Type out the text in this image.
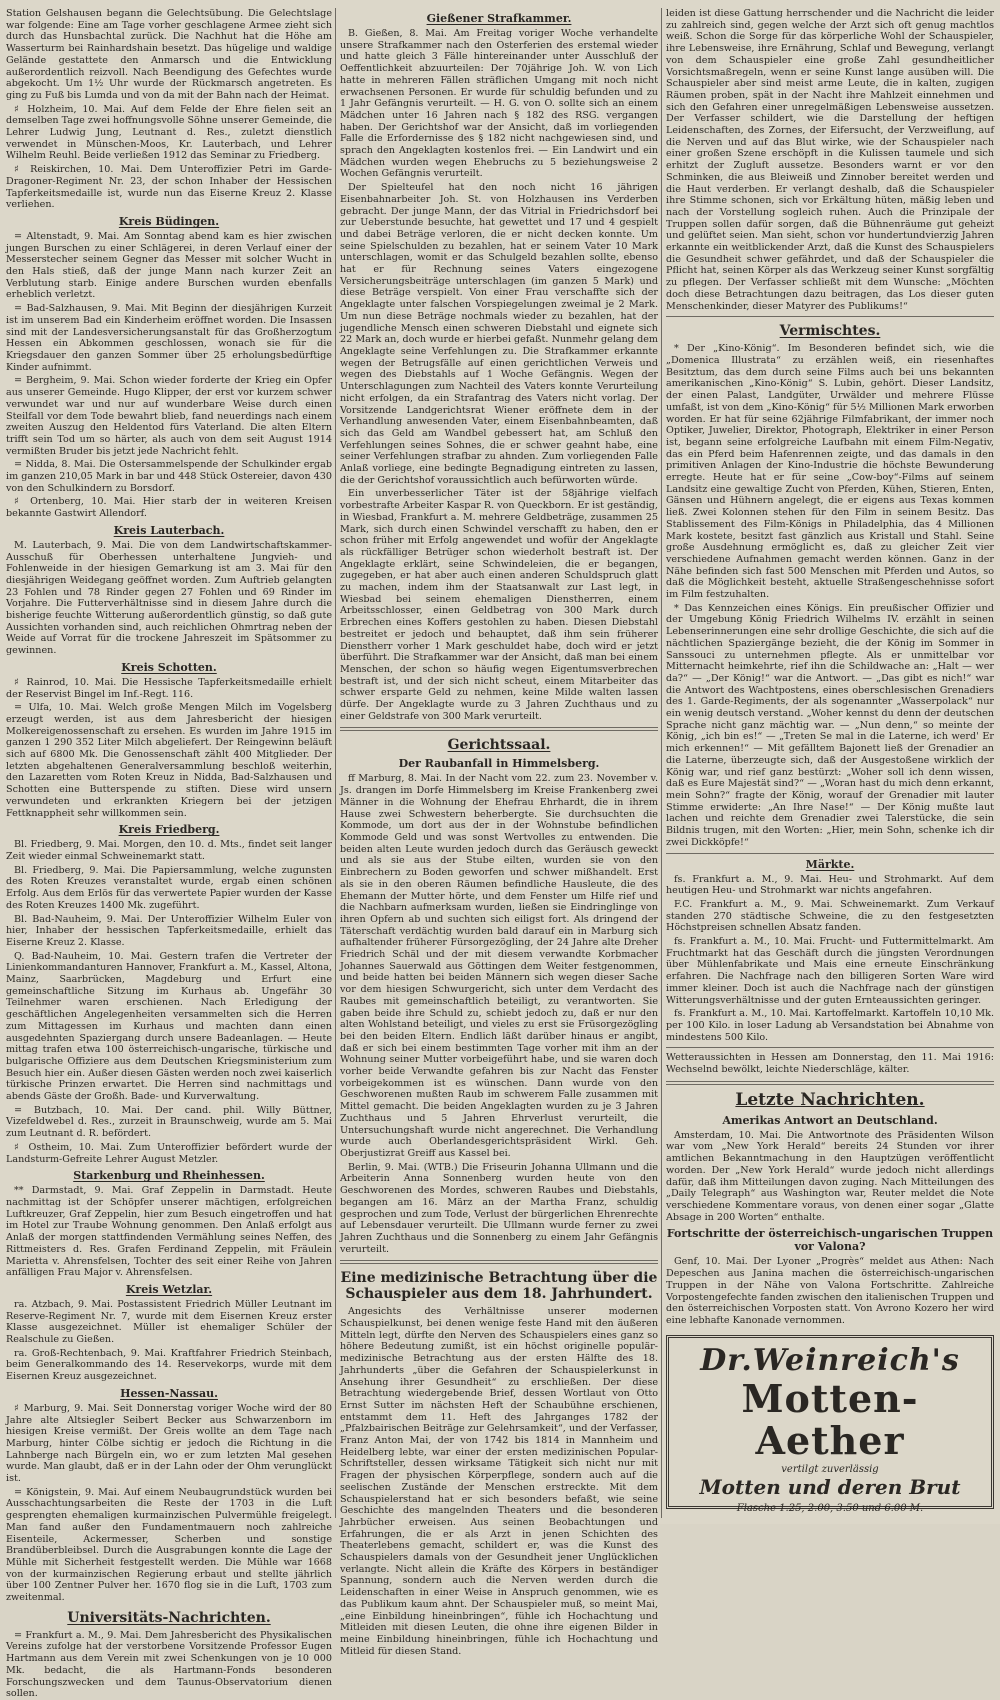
Station Gelshausen begann die Gelechtsübung. Die Gelechtslage war folgende: Eine am Tage vorher geschlagene Armee zieht sich durch das Hunsbachtal zurück. Die Nachhut hat die Höhe am Wasserturm bei Rainhardshain besetzt. Das hügelige und waldige Gelände gestattete den Anmarsch und die Entwicklung außerordentlich reizvoll. Nach Beendigung des Gefechtes wurde abgekocht. Um 1½ Uhr wurde der Rückmarsch angetreten. Es ging zu Fuß bis Lumda und von da mit der Bahn nach der Heimat.

♯ Holzheim, 10. Mai. Auf dem Felde der Ehre fielen seit an demselben Tage zwei hoffnungsvolle Söhne unserer Gemeinde, die Lehrer Ludwig Jung, Leutnant d. Res., zuletzt dienstlich verwendet in Münschen-Moos, Kr. Lauterbach, und Lehrer Wilhelm Reuhl. Beide verließen 1912 das Seminar zu Friedberg.

♯ Reiskirchen, 10. Mai. Dem Unteroffizier Petri im Garde-Dragoner-Regiment Nr. 23, der schon Inhaber der Hessischen Tapferkeitsmedaille ist, wurde nun das Eiserne Kreuz 2. Klasse verliehen.

Kreis Büdingen.

= Altenstadt, 9. Mai. Am Sonntag abend kam es hier zwischen jungen Burschen zu einer Schlägerei, in deren Verlauf einer der Messerstecher seinem Gegner das Messer mit solcher Wucht in den Hals stieß, daß der junge Mann nach kurzer Zeit an Verblutung starb. Einige andere Burschen wurden ebenfalls erheblich verletzt.

= Bad-Salzhausen, 9. Mai. Mit Beginn der diesjährigen Kurzeit ist im unserem Bad ein Kinderheim eröffnet worden. Die Insassen sind mit der Landesversicherungsanstalt für das Großherzogtum Hessen ein Abkommen geschlossen, wonach sie für die Kriegsdauer den ganzen Sommer über 25 erholungsbedürftige Kinder aufnimmt.

= Bergheim, 9. Mai. Schon wieder forderte der Krieg ein Opfer aus unserer Gemeinde. Hugo Klipper, der erst vor kurzem schwer verwundet war und nur auf wunderbare Weise durch einen Steilfall vor dem Tode bewahrt blieb, fand neuerdings nach einem zweiten Auszug den Heldentod fürs Vaterland. Die alten Eltern trifft sein Tod um so härter, als auch von dem seit August 1914 vermißten Bruder bis jetzt jede Nachricht fehlt.

= Nidda, 8. Mai. Die Ostersammelspende der Schulkinder ergab im ganzen 210,05 Mark in bar und 448 Stück Ostereier, davon 430 von den Schulkindern zu Borsdorf.

♯ Ortenberg, 10. Mai. Hier starb der in weiteren Kreisen bekannte Gastwirt Allendorf.

Kreis Lauterbach.

M. Lauterbach, 9. Mai. Die von dem Landwirtschaftskammer-Ausschuß für Oberhessen unterhaltene Jungvieh- und Fohlenweide in der hiesigen Gemarkung ist am 3. Mai für den diesjährigen Weidegang geöffnet worden. Zum Auftrieb gelangten 23 Fohlen und 78 Rinder gegen 27 Fohlen und 69 Rinder im Vorjahre. Die Futterverhältnisse sind in diesem Jahre durch die bisherige feuchte Witterung außerordentlich günstig, so daß gute Aussichten vorhanden sind, auch reichlichen Ohmrtrag neben der Weide auf Vorrat für die trockene Jahreszeit im Spätsommer zu gewinnen.

Kreis Schotten.

♯ Rainrod, 10. Mai. Die Hessische Tapferkeitsmedaille erhielt der Reservist Bingel im Inf.-Regt. 116.

= Ulfa, 10. Mai. Welch große Mengen Milch im Vogelsberg erzeugt werden, ist aus dem Jahresbericht der hiesigen Molkereigenossenschaft zu ersehen. Es wurden im Jahre 1915 im ganzen 1 290 352 Liter Milch abgeliefert. Der Reingewinn beläuft sich auf 6800 Mk. Die Genossenschaft zählt 400 Mitglieder. Der letzten abgehaltenen Generalversammlung beschloß weiterhin, den Lazaretten vom Roten Kreuz in Nidda, Bad-Salzhausen und Schotten eine Butterspende zu stiften. Diese wird unsern verwundeten und erkrankten Kriegern bei der jetzigen Fettknappheit sehr willkommen sein.

Kreis Friedberg.

Bl. Friedberg, 9. Mai. Morgen, den 10. d. Mts., findet seit langer Zeit wieder einmal Schweinemarkt statt.

Bl. Friedberg, 9. Mai. Die Papiersammlung, welche zugunsten des Roten Kreuzes veranstaltet wurde, ergab einen schönen Erfolg. Aus dem Erlös für das verwertete Papier wurden der Kasse des Roten Kreuzes 1400 Mk. zugeführt.

Bl. Bad-Nauheim, 9. Mai. Der Unteroffizier Wilhelm Euler von hier, Inhaber der hessischen Tapferkeitsmedaille, erhielt das Eiserne Kreuz 2. Klasse.

Q. Bad-Nauheim, 10. Mai. Gestern trafen die Vertreter der Linienkommandanturen Hannover, Frankfurt a. M., Kassel, Altona, Mainz, Saarbrücken, Magdeburg und Erfurt eine gemeinschaftliche Sitzung im Kurhaus ab. Ungefähr 30 Teilnehmer waren erschienen. Nach Erledigung der geschäftlichen Angelegenheiten versammelten sich die Herren zum Mittagessen im Kurhaus und machten dann einen ausgedehnten Spaziergang durch unsere Badeanlagen. — Heute mittag trafen etwa 100 österreichisch-ungarische, türkische und bulgarische Offiziere aus dem Deutschen Kriegsministerium zum Besuch hier ein. Außer diesen Gästen werden noch zwei kaiserlich türkische Prinzen erwartet. Die Herren sind nachmittags und abends Gäste der Großh. Bade- und Kurverwaltung.

= Butzbach, 10. Mai. Der cand. phil. Willy Büttner, Vizefeldwebel d. Res., zurzeit in Braunschweig, wurde am 5. Mai zum Leutnant d. R. befördert.

♯ Ostheim, 10. Mai. Zum Unteroffizier befördert wurde der Landsturm-Gefreite Lehrer August Metzler.

Starkenburg und Rheinhessen.

** Darmstadt, 9. Mai. Graf Zeppelin in Darmstadt. Heute nachmittag ist der Schöpfer unserer mächtigen, erfolgreichen Luftkreuzer, Graf Zeppelin, hier zum Besuch eingetroffen und hat im Hotel zur Traube Wohnung genommen. Den Anlaß erfolgt aus Anlaß der morgen stattfindenden Vermählung seines Neffen, des Rittmeisters d. Res. Grafen Ferdinand Zeppelin, mit Fräulein Marietta v. Ahrensfelsen, Tochter des seit einer Reihe von Jahren anfälligen Frau Major v. Ahrensfelsen.

Kreis Wetzlar.

ra. Atzbach, 9. Mai. Postassistent Friedrich Müller Leutnant im Reserve-Regiment Nr. 7, wurde mit dem Eisernen Kreuz erster Klasse ausgezeichnet. Müller ist ehemaliger Schüler der Realschule zu Gießen.

ra. Groß-Rechtenbach, 9. Mai. Kraftfahrer Friedrich Steinbach, beim Generalkommando des 14. Reservekorps, wurde mit dem Eisernen Kreuz ausgezeichnet.

Hessen-Nassau.

♯ Marburg, 9. Mai. Seit Donnerstag voriger Woche wird der 80 Jahre alte Altsiegler Seibert Becker aus Schwarzenborn im hiesigen Kreise vermißt. Der Greis wollte an dem Tage nach Marburg, hinter Cölbe sichtig er jedoch die Richtung in die Lahnberge nach Bürgeln ein, wo er zum letzten Mal gesehen wurde. Man glaubt, daß er in der Lahn oder der Ohm verunglückt ist.

= Königstein, 9. Mai. Auf einem Neubaugrundstück wurden bei Ausschachtungsarbeiten die Reste der 1703 in die Luft gesprengten ehemaligen kurmainzischen Pulvermühle freigelegt. Man fand außer den Fundamentmauern noch zahlreiche Eisenteile, Ackermesser, Scherben und sonstige Brandüberbleibsel. Durch die Ausgrabungen konnte die Lage der Mühle mit Sicherheit festgestellt werden. Die Mühle war 1668 von der kurmainzischen Regierung erbaut und stellte jährlich über 100 Zentner Pulver her. 1670 flog sie in die Luft, 1703 zum zweitenmal.

Universitäts-Nachrichten.

= Frankfurt a. M., 9. Mai. Dem Jahresbericht des Physikalischen Vereins zufolge hat der verstorbene Vorsitzende Professor Eugen Hartmann aus dem Verein mit zwei Schenkungen von je 10 000 Mk. bedacht, die als Hartmann-Fonds besonderen Forschungszwecken und dem Taunus-Observatorium dienen sollen.

Gießener Strafkammer.

B. Gießen, 8. Mai. Am Freitag voriger Woche verhandelte unsere Strafkammer nach den Osterferien des erstemal wieder und hatte gleich 3 Fälle hintereinander unter Ausschluß der Oeffentlichkeit abzuurteilen: Der 70jährige Joh. W. von Lich hatte in mehreren Fällen sträflichen Umgang mit noch nicht erwachsenen Personen. Er wurde für schuldig befunden und zu 1 Jahr Gefängnis verurteilt. — H. G. von O. sollte sich an einem Mädchen unter 16 Jahren nach § 182 des RSG. vergangen haben. Der Gerichtshof war der Ansicht, daß im vorliegenden Falle die Erfordernisse des § 182 nicht nachgewiesen sind, und sprach den Angeklagten kostenlos frei. — Ein Landwirt und ein Mädchen wurden wegen Ehebruchs zu 5 beziehungsweise 2 Wochen Gefängnis verurteilt.

Der Spielteufel hat den noch nicht 16 jährigen Eisenbahnarbeiter Joh. St. von Holzhausen ins Verderben gebracht. Der junge Mann, der das Vitrial in Friedrichsdorf bei zur Ueberstunde besuchte, hat gewettet und 17 und 4 gespielt und dabei Beträge verloren, die er nicht decken konnte. Um seine Spielschulden zu bezahlen, hat er seinem Vater 10 Mark unterschlagen, womit er das Schulgeld bezahlen sollte, ebenso hat er für Rechnung seines Vaters eingezogene Versicherungsbeiträge unterschlagen (im ganzen 5 Mark) und diese Beträge verspielt. Von einer Frau verschaffte sich der Angeklagte unter falschen Vorspiegelungen zweimal je 2 Mark. Um nun diese Beträge nochmals wieder zu bezahlen, hat der jugendliche Mensch einen schweren Diebstahl und eignete sich 22 Mark an, doch wurde er hierbei gefaßt. Nunmehr gelang dem Angeklagte seine Verfehlungen zu. Die Strafkammer erkannte wegen der Betrugsfälle auf einen gerichtlichen Verweis und wegen des Diebstahls auf 1 Woche Gefängnis. Wegen der Unterschlagungen zum Nachteil des Vaters konnte Verurteilung nicht erfolgen, da ein Strafantrag des Vaters nicht vorlag. Der Vorsitzende Landgerichtsrat Wiener eröffnete dem in der Verhandlung anwesenden Vater, einem Eisenbahnbeamten, daß sich das Geld am Wandbel gebessert hat, am Schluß den Verfehlungen seines Sohnes, die er schwer geahnt habe, eine seiner Verfehlungen strafbar zu ahnden. Zum vorliegenden Falle Anlaß vorliege, eine bedingte Begnadigung eintreten zu lassen, die der Gerichtshof voraussichtlich auch befürworten würde.

Ein unverbesserlicher Täter ist der 58jährige vielfach vorbestrafte Arbeiter Kaspar R. von Queckborn. Er ist geständig, in Wiesbad, Frankfurt a. M. mehrere Geldbeträge, zusammen 25 Mark, sich durch einen Schwindel verschafft zu haben, den er schon früher mit Erfolg angewendet und wofür der Angeklagte als rückfälliger Betrüger schon wiederholt bestraft ist. Der Angeklagte erklärt, seine Schwindeleien, die er begangen, zugegeben, er hat aber auch einen anderen Schuldspruch glatt zu machen, indem ihm der Staatsanwalt zur Last legt, in Wiesbad bei seinem ehemaligen Dienstherren, einem Arbeitsschlosser, einen Geldbetrag von 300 Mark durch Erbrechen eines Koffers gestohlen zu haben. Diesen Diebstahl bestreitet er jedoch und behauptet, daß ihm sein früherer Dienstherr vorher 1 Mark geschuldet habe, doch wird er jetzt überführt. Die Strafkammer war der Ansicht, daß man bei einem Menschen, der schon so häufig wegen Eigentumsverbrechen bestraft ist, und der sich nicht scheut, einem Mitarbeiter das schwer ersparte Geld zu nehmen, keine Milde walten lassen dürfe. Der Angeklagte wurde zu 3 Jahren Zuchthaus und zu einer Geldstrafe von 300 Mark verurteilt.

Gerichtssaal.
Der Raubanfall in Himmelsberg.

ff Marburg, 8. Mai. In der Nacht vom 22. zum 23. November v. Js. drangen im Dorfe Himmelsberg im Kreise Frankenberg zwei Männer in die Wohnung der Ehefrau Ehrhardt, die in ihrem Hause zwei Schwestern beherbergte. Sie durchsuchten die Kommode, um dort aus der in der Wohnstube befindlichen Kommode Geld und was sonst Wertvolles zu entwenden. Die beiden alten Leute wurden jedoch durch das Geräusch geweckt und als sie aus der Stube eilten, wurden sie von den Einbrechern zu Boden geworfen und schwer mißhandelt. Erst als sie in den oberen Räumen befindliche Hausleute, die des Ehemann der Mutter hörte, und dem Fenster um Hilfe rief und die Nachbarn aufmerksam wurden, ließen sie Eindringlinge von ihren Opfern ab und suchten sich eiligst fort. Als dringend der Täterschaft verdächtig wurden bald darauf ein in Marburg sich aufhaltender früherer Fürsorgezögling, der 24 Jahre alte Dreher Friedrich Schäl und der mit diesem verwandte Korbmacher Johannes Sauerwald aus Göttingen dem Weiter festgenommen, und beide hatten bei beiden Männern sich wegen dieser Sache vor dem hiesigen Schwurgericht, sich unter dem Verdacht des Raubes mit gemeinschaftlich beteiligt, zu verantworten. Sie gaben beide ihre Schuld zu, schiebt jedoch zu, daß er nur den alten Wohlstand beteiligt, und vieles zu erst sie Früsorgezögling bei den beiden Eltern. Endlich läßt darüber hinaus er angibt, daß er sich bei einem bestimmten Tage vorher mit ihm an der Wohnung seiner Mutter vorbeigeführt habe, und sie waren doch vorher beide Verwandte gefahren bis zur Nacht das Fenster vorbeigekommen ist es wünschen. Dann wurde von den Geschworenen mußten Raub im schwerem Falle zusammen mit Mittel gemacht. Die beiden Angeklagten wurden zu je 3 Jahren Zuchthaus und 5 Jahren Ehrverlust verurteilt, die Untersuchungshaft wurde nicht angerechnet. Die Verhandlung wurde auch Oberlandesgerichtspräsident Wirkl. Geh. Oberjustizrat Greiff aus Kassel bei.

Berlin, 9. Mai. (WTB.) Die Friseurin Johanna Ullmann und die Arbeiterin Anna Sonnenberg wurden heute von den Geschworenen des Mordes, schweren Raubes und Diebstahls, begangen am 16. März an der Martha Franz, schuldig gesprochen und zum Tode, Verlust der bürgerlichen Ehrenrechte auf Lebensdauer verurteilt. Die Ullmann wurde ferner zu zwei Jahren Zuchthaus und die Sonnenberg zu einem Jahr Gefängnis verurteilt.

Eine medizinische Betrachtung über die Schauspieler aus dem 18. Jahrhundert.

Angesichts des Verhältnisse unserer modernen Schauspielkunst, bei denen wenige feste Hand mit den äußeren Mitteln legt, dürfte den Nerven des Schauspielers eines ganz so höhere Bedeutung zumißt, ist ein höchst originelle populär-medizinische Betrachtung aus der ersten Hälfte des 18. Jahrhunderts „über die Gefahren der Schauspielerkunst in Ansehung ihrer Gesundheit“ zu erschließen. Der diese Betrachtung wiedergebende Brief, dessen Wortlaut von Otto Ernst Sutter im nächsten Heft der Schaubühne erschienen, entstammt dem 11. Heft des Jahrganges 1782 der „Pfalzbairischen Beiträge zur Gelehrsamkeit“, und der Verfasser, Franz Anton Mai, der von 1742 bis 1814 in Mannheim und Heidelberg lebte, war einer der ersten medizinischen Popular-Schriftsteller, dessen wirksame Tätigkeit sich nicht nur mit Fragen der physischen Körperpflege, sondern auch auf die seelischen Zustände der Menschen erstreckte. Mit dem Schauspielerstand hat er sich besonders befaßt, wie seine Geschichte des mangelnden Theaters und die besonderen Jahrbücher erweisen. Aus seinen Beobachtungen und Erfahrungen, die er als Arzt in jenen Schichten des Theaterlebens gemacht, schildert er, was die Kunst des Schauspielers damals von der Gesundheit jener Unglücklichen verlangte. Nicht allein die Kräfte des Körpers in beständiger Spannung, sondern auch die Nerven werden durch die Leidenschaften in einer Weise in Anspruch genommen, wie es das Publikum kaum ahnt. Der Schauspieler muß, so meint Mai, „eine Einbildung hineinbringen“, fühle ich Hochachtung und Mitleiden mit diesen Leuten, die ohne ihre eigenen Bilder in meine Einbildung hineinbringen, fühle ich Hochachtung und Mitleid für diesen Stand.

leiden ist diese Gattung herrschender und die Nachricht die leider zu zahlreich sind, gegen welche der Arzt sich oft genug machtlos weiß. Schon die Sorge für das körperliche Wohl der Schauspieler, ihre Lebensweise, ihre Ernährung, Schlaf und Bewegung, verlangt von dem Schauspieler eine große Zahl gesundheitlicher Vorsichtsmaßregeln, wenn er seine Kunst lange ausüben will. Die Schauspieler aber sind meist arme Leute, die in kalten, zugigen Räumen proben, spät in der Nacht ihre Mahlzeit einnehmen und sich den Gefahren einer unregelmäßigen Lebensweise aussetzen. Der Verfasser schildert, wie die Darstellung der heftigen Leidenschaften, des Zornes, der Eifersucht, der Verzweiflung, auf die Nerven und auf das Blut wirke, wie der Schauspieler nach einer großen Szene erschöpft in die Kulissen taumele und sich erhitzt der Zugluft aussetze. Besonders warnt er vor den Schminken, die aus Bleiweiß und Zinnober bereitet werden und die Haut verderben. Er verlangt deshalb, daß die Schauspieler ihre Stimme schonen, sich vor Erkältung hüten, mäßig leben und nach der Vorstellung sogleich ruhen. Auch die Prinzipale der Truppen sollen dafür sorgen, daß die Bühnenräume gut geheizt und gelüftet seien. Man sieht, schon vor hundertundvierzig Jahren erkannte ein weitblickender Arzt, daß die Kunst des Schauspielers die Gesundheit schwer gefährdet, und daß der Schauspieler die Pflicht hat, seinen Körper als das Werkzeug seiner Kunst sorgfältig zu pflegen. Der Verfasser schließt mit dem Wunsche: „Möchten doch diese Betrachtungen dazu beitragen, das Los dieser guten Menschenkinder, dieser Matyrer des Publikums!“

Vermischtes.

* Der „Kino-König“. Im Besonderen befindet sich, wie die „Domenica Illustrata“ zu erzählen weiß, ein riesenhaftes Besitztum, das dem durch seine Films auch bei uns bekannten amerikanischen „Kino-König“ S. Lubin, gehört. Dieser Landsitz, der einen Palast, Landgüter, Urwälder und mehrere Flüsse umfaßt, ist von dem „Kino-König“ für 5½ Millionen Mark erworben worden. Er hat für seine 62jährige Filmfabrikant, der immer noch Optiker, Juwelier, Direktor, Photograph, Elektriker in einer Person ist, begann seine erfolgreiche Laufbahn mit einem Film-Negativ, das ein Pferd beim Hafenrennen zeigte, und das damals in den primitiven Anlagen der Kino-Industrie die höchste Bewunderung erregte. Heute hat er für seine „Cow-boy“-Films auf seinem Landsitz eine gewaltige Zucht von Pferden, Kühen, Stieren, Enten, Gänsen und Hühnern angelegt, die er eigens aus Texas kommen ließ. Zwei Kolonnen stehen für den Film in seinem Besitz. Das Stablissement des Film-Königs in Philadelphia, das 4 Millionen Mark kostete, besitzt fast gänzlich aus Kristall und Stahl. Seine große Ausdehnung ermöglicht es, daß zu gleicher Zeit vier verschiedene Aufnahmen gemacht werden können. Ganz in der Nähe befinden sich fast 500 Menschen mit Pferden und Autos, so daß die Möglichkeit besteht, aktuelle Straßengeschehnisse sofort im Film festzuhalten.

* Das Kennzeichen eines Königs. Ein preußischer Offizier und der Umgebung König Friedrich Wilhelms IV. erzählt in seinen Lebenserinnerungen eine sehr drollige Geschichte, die sich auf die nächtlichen Spaziergänge bezieht, die der König im Sommer in Sanssouci zu unternehmen pflegte. Als er unmittelbar vor Mitternacht heimkehrte, rief ihn die Schildwache an: „Halt — wer da?“ — „Der König!“ war die Antwort. — „Das gibt es nich!“ war die Antwort des Wachtpostens, eines oberschlesischen Grenadiers des 1. Garde-Regiments, der als sogenannter „Wasserpolack“ nur ein wenig deutsch verstand. „Woher kennst du denn der deutschen Sprache nicht ganz mächtig war. — „Nun denn,“ so meinte der König, „ich bin es!“ — „Treten Se mal in die Laterne, ich werd' Er mich erkennen!“ — Mit gefälltem Bajonett ließ der Grenadier an die Laterne, überzeugte sich, daß der Ausgestoßene wirklich der König war, und rief ganz bestürzt: „Woher soll ich denn wissen, daß es Eure Majestät sind?“ — „Woran hast du mich denn erkannt, mein Sohn?“ fragte der König, worauf der Grenadier mit lauter Stimme erwiderte: „An Ihre Nase!“ — Der König mußte laut lachen und reichte dem Grenadier zwei Talerstücke, die sein Bildnis trugen, mit den Worten: „Hier, mein Sohn, schenke ich dir zwei Dickköpfe!“

Märkte.

fs. Frankfurt a. M., 9. Mai. Heu- und Strohmarkt. Auf dem heutigen Heu- und Strohmarkt war nichts angefahren.

F.C. Frankfurt a. M., 9. Mai. Schweinemarkt. Zum Verkauf standen 270 städtische Schweine, die zu den festgesetzten Höchstpreisen schnellen Absatz fanden.

fs. Frankfurt a. M., 10. Mai. Frucht- und Futtermittelmarkt. Am Fruchtmarkt hat das Geschäft durch die jüngsten Verordnungen über Mühlenfabrikate und Mais eine erneute Einschränkung erfahren. Die Nachfrage nach den billigeren Sorten Ware wird immer kleiner. Doch ist auch die Nachfrage nach der günstigen Witterungsverhältnisse und der guten Ernteaussichten geringer.

fs. Frankfurt a. M., 10. Mai. Kartoffelmarkt. Kartoffeln 10,10 Mk. per 100 Kilo. in loser Ladung ab Versandstation bei Abnahme von mindestens 500 Kilo.

Wetteraussichten in Hessen am Donnerstag, den 11. Mai 1916: Wechselnd bewölkt, leichte Niederschläge, kälter.

Letzte Nachrichten.
Amerikas Antwort an Deutschland.

Amsterdam, 10. Mai. Die Antwortnote des Präsidenten Wilson war vom „New York Herald“ bereits 24 Stunden vor ihrer amtlichen Bekanntmachung in den Hauptzügen veröffentlicht worden. Der „New York Herald“ wurde jedoch nicht allerdings dafür, daß ihm Mitteilungen davon zuging. Nach Mitteilungen des „Daily Telegraph“ aus Washington war, Reuter meldet die Note verschiedene Kommentare voraus, von denen einer sogar „Glatte Absage in 200 Worten“ enthalte.

Fortschritte der österreichisch-ungarischen Truppen vor Valona?

Genf, 10. Mai. Der Lyoner „Progrès“ meldet aus Athen: Nach Depeschen aus Janina machen die österreichisch-ungarischen Truppen in der Nähe von Valona Fortschritte. Zahlreiche Vorpostengefechte fanden zwischen den italienischen Truppen und den österreichischen Vorposten statt. Von Avrono Kozero her wird eine lebhafte Kanonade vernommen.

Dr.Weinreich's
Motten-Aether
vertilgt zuverlässig
Motten und deren Brut
Flasche 1.25, 2.00, 3.50 und 6.00 M.
